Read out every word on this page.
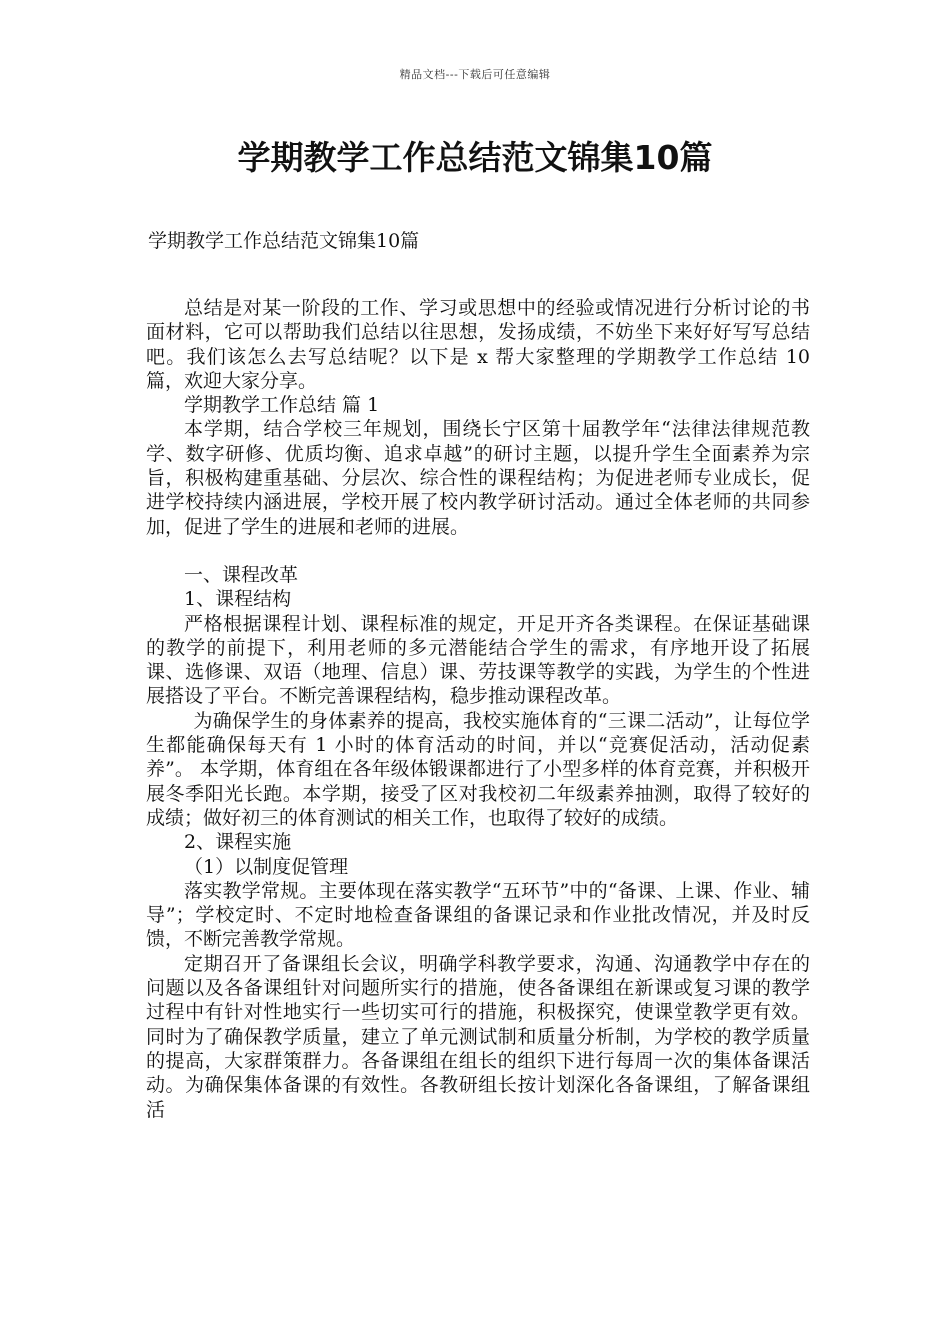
精品文档---下载后可任意编辑
学期教学工作总结范文锦集10篇
学期教学工作总结范文锦集10篇

总结是对某一阶段的工作、学习或思想中的经验或情况进行分析讨论的书面材料，它可以帮助我们总结以往思想，发扬成绩，不妨坐下来好好写写总结吧。我们该怎么去写总结呢？以下是 x 帮大家整理的学期教学工作总结 10 篇，欢迎大家分享。

学期教学工作总结 篇 1

本学期，结合学校三年规划，围绕长宁区第十届教学年“法律法律规范教学、数字研修、优质均衡、追求卓越”的研讨主题，以提升学生全面素养为宗旨，积极构建重基础、分层次、综合性的课程结构；为促进老师专业成长，促进学校持续内涵进展，学校开展了校内教学研讨活动。通过全体老师的共同参加，促进了学生的进展和老师的进展。

一、课程改革

1、课程结构

严格根据课程计划、课程标准的规定，开足开齐各类课程。在保证基础课的教学的前提下，利用老师的多元潜能结合学生的需求，有序地开设了拓展课、选修课、双语（地理、信息）课、劳技课等教学的实践，为学生的个性进展搭设了平台。不断完善课程结构，稳步推动课程改革。

为确保学生的身体素养的提高，我校实施体育的“三课二活动”，让每位学生都能确保每天有 1 小时的体育活动的时间，并以“竞赛促活动，活动促素养”。 本学期，体育组在各年级体锻课都进行了小型多样的体育竞赛，并积极开展冬季阳光长跑。本学期，接受了区对我校初二年级素养抽测，取得了较好的成绩；做好初三的体育测试的相关工作，也取得了较好的成绩。

2、课程实施

（1）以制度促管理

落实教学常规。主要体现在落实教学“五环节”中的“备课、上课、作业、辅导”；学校定时、不定时地检查备课组的备课记录和作业批改情况，并及时反馈，不断完善教学常规。

定期召开了备课组长会议，明确学科教学要求，沟通、沟通教学中存在的问题以及各备课组针对问题所实行的措施，使各备课组在新课或复习课的教学过程中有针对性地实行一些切实可行的措施，积极探究，使课堂教学更有效。同时为了确保教学质量，建立了单元测试制和质量分析制，为学校的教学质量的提高，大家群策群力。各备课组在组长的组织下进行每周一次的集体备课活动。为确保集体备课的有效性。各教研组长按计划深化各备课组，了解备课组活
